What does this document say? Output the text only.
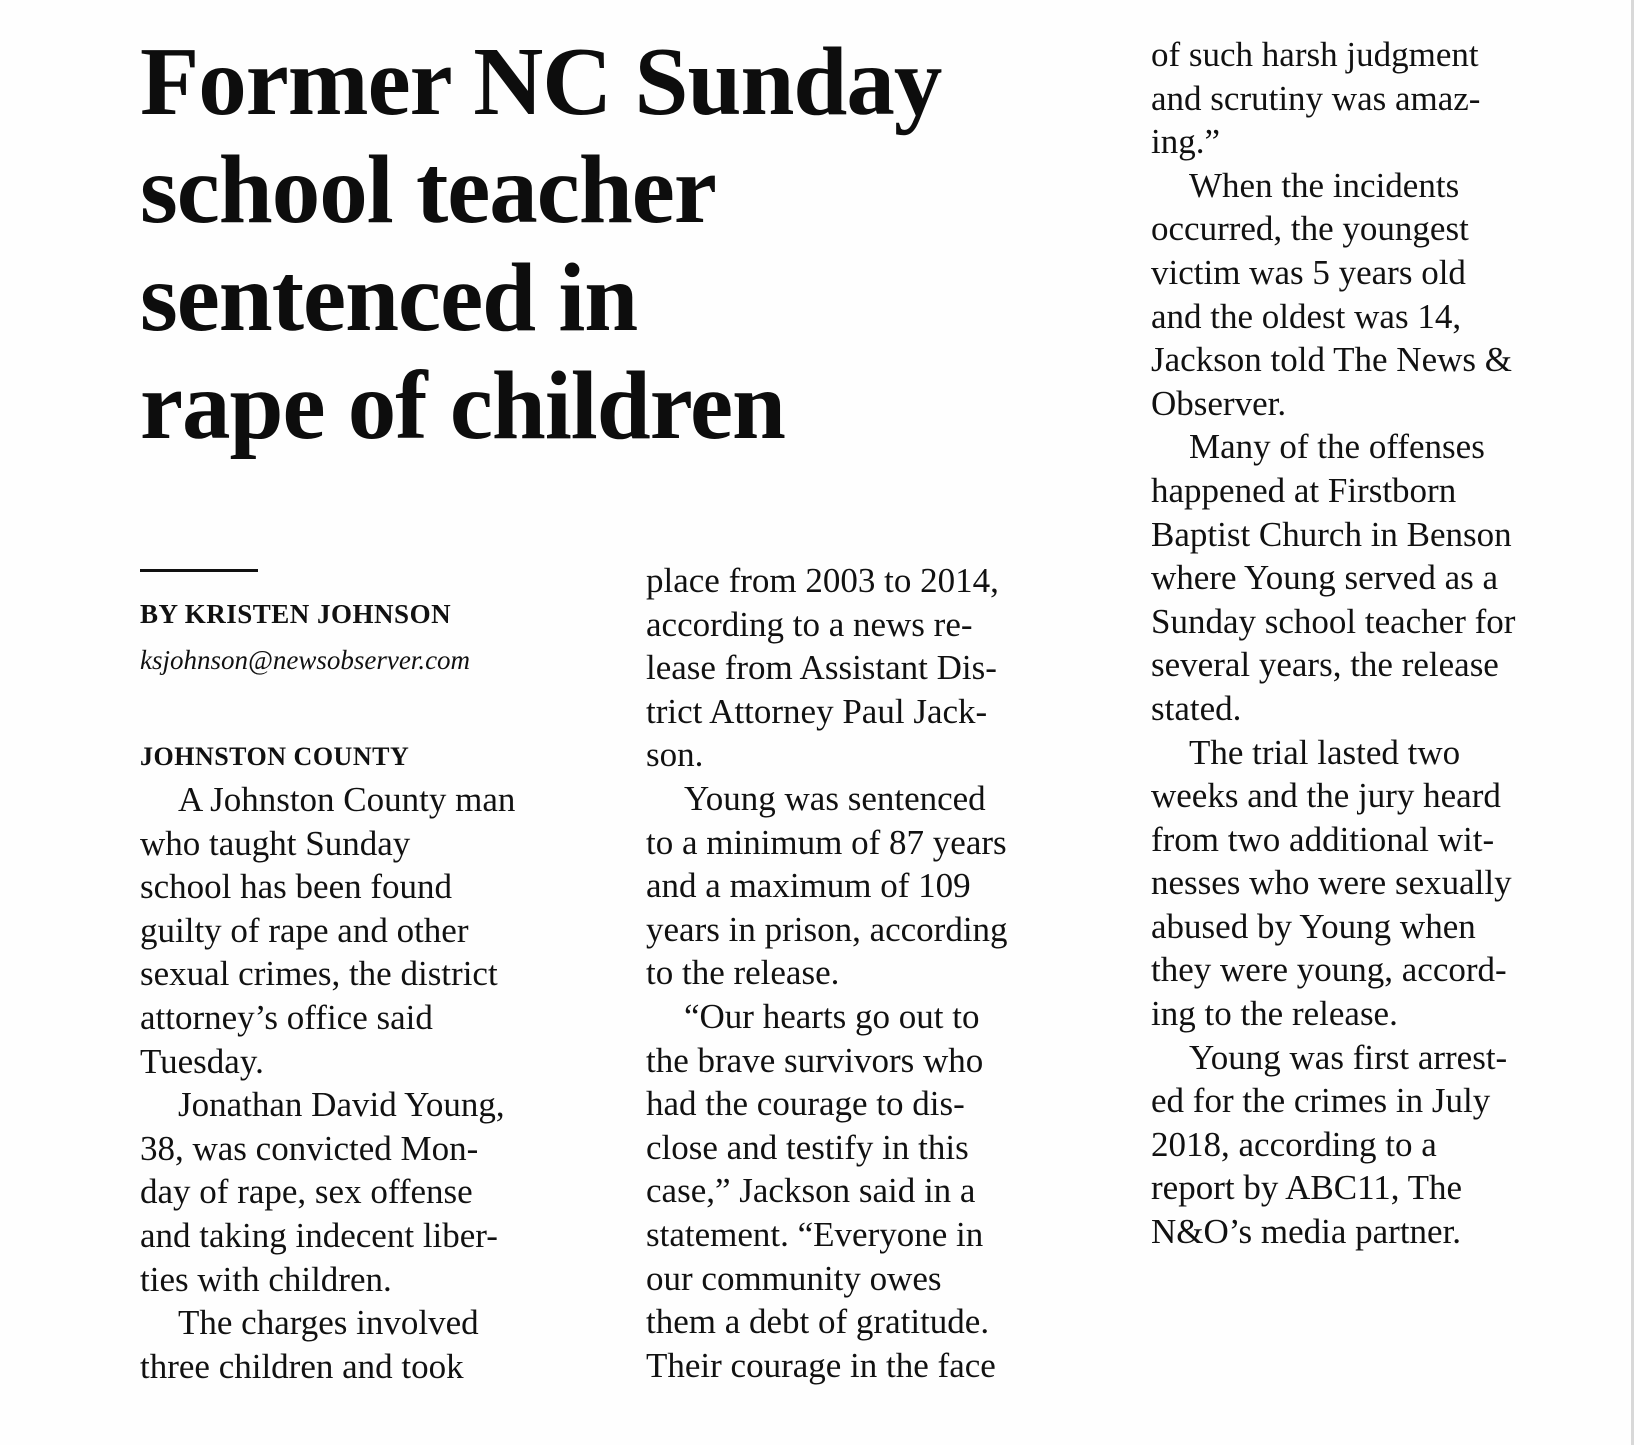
Former NC Sunday
school teacher
sentenced in
rape of children
BY KRISTEN JOHNSON
ksjohnson@newsobserver.com
JOHNSTON COUNTY
A Johnston County man
who taught Sunday
school has been found
guilty of rape and other
sexual crimes, the district
attorney’s office said
Tuesday.
Jonathan David Young,
38, was convicted Mon-
day of rape, sex offense
and taking indecent liber-
ties with children.
The charges involved
three children and took
place from 2003 to 2014,
according to a news re-
lease from Assistant Dis-
trict Attorney Paul Jack-
son.
Young was sentenced
to a minimum of 87 years
and a maximum of 109
years in prison, according
to the release.
“Our hearts go out to
the brave survivors who
had the courage to dis-
close and testify in this
case,” Jackson said in a
statement. “Everyone in
our community owes
them a debt of gratitude.
Their courage in the face
of such harsh judgment
and scrutiny was amaz-
ing.”
When the incidents
occurred, the youngest
victim was 5 years old
and the oldest was 14,
Jackson told The News &
Observer.
Many of the offenses
happened at Firstborn
Baptist Church in Benson
where Young served as a
Sunday school teacher for
several years, the release
stated.
The trial lasted two
weeks and the jury heard
from two additional wit-
nesses who were sexually
abused by Young when
they were young, accord-
ing to the release.
Young was first arrest-
ed for the crimes in July
2018, according to a
report by ABC11, The
N&O’s media partner.
